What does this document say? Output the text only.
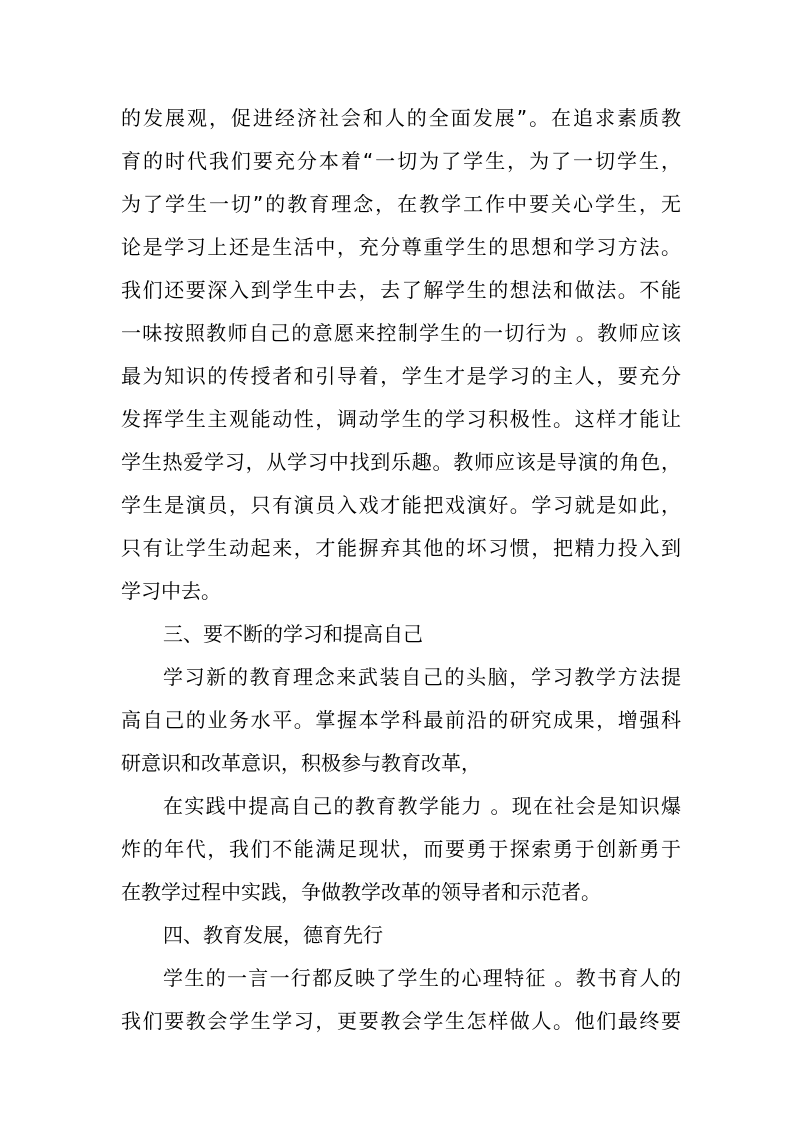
的发展观，促进经济社会和人的全面发展”。在追求素质教
育的时代我们要充分本着“一切为了学生，为了一切学生，
为了学生一切”的教育理念，在教学工作中要关心学生，无
论是学习上还是生活中，充分尊重学生的思想和学习方法。
我们还要深入到学生中去，去了解学生的想法和做法。不能
一味按照教师自己的意愿来控制学生的一切行为 。教师应该
最为知识的传授者和引导着，学生才是学习的主人，要充分
发挥学生主观能动性，调动学生的学习积极性。这样才能让
学生热爱学习，从学习中找到乐趣。教师应该是导演的角色，
学生是演员，只有演员入戏才能把戏演好。学习就是如此，
只有让学生动起来，才能摒弃其他的坏习惯，把精力投入到
学习中去。
三、要不断的学习和提高自己
学习新的教育理念来武装自己的头脑，学习教学方法提
高自己的业务水平。掌握本学科最前沿的研究成果，增强科
研意识和改革意识，积极参与教育改革，
在实践中提高自己的教育教学能力 。现在社会是知识爆
炸的年代，我们不能满足现状，而要勇于探索勇于创新勇于
在教学过程中实践，争做教学改革的领导者和示范者。
四、教育发展，德育先行
学生的一言一行都反映了学生的心理特征 。教书育人的
我们要教会学生学习，更要教会学生怎样做人。他们最终要
